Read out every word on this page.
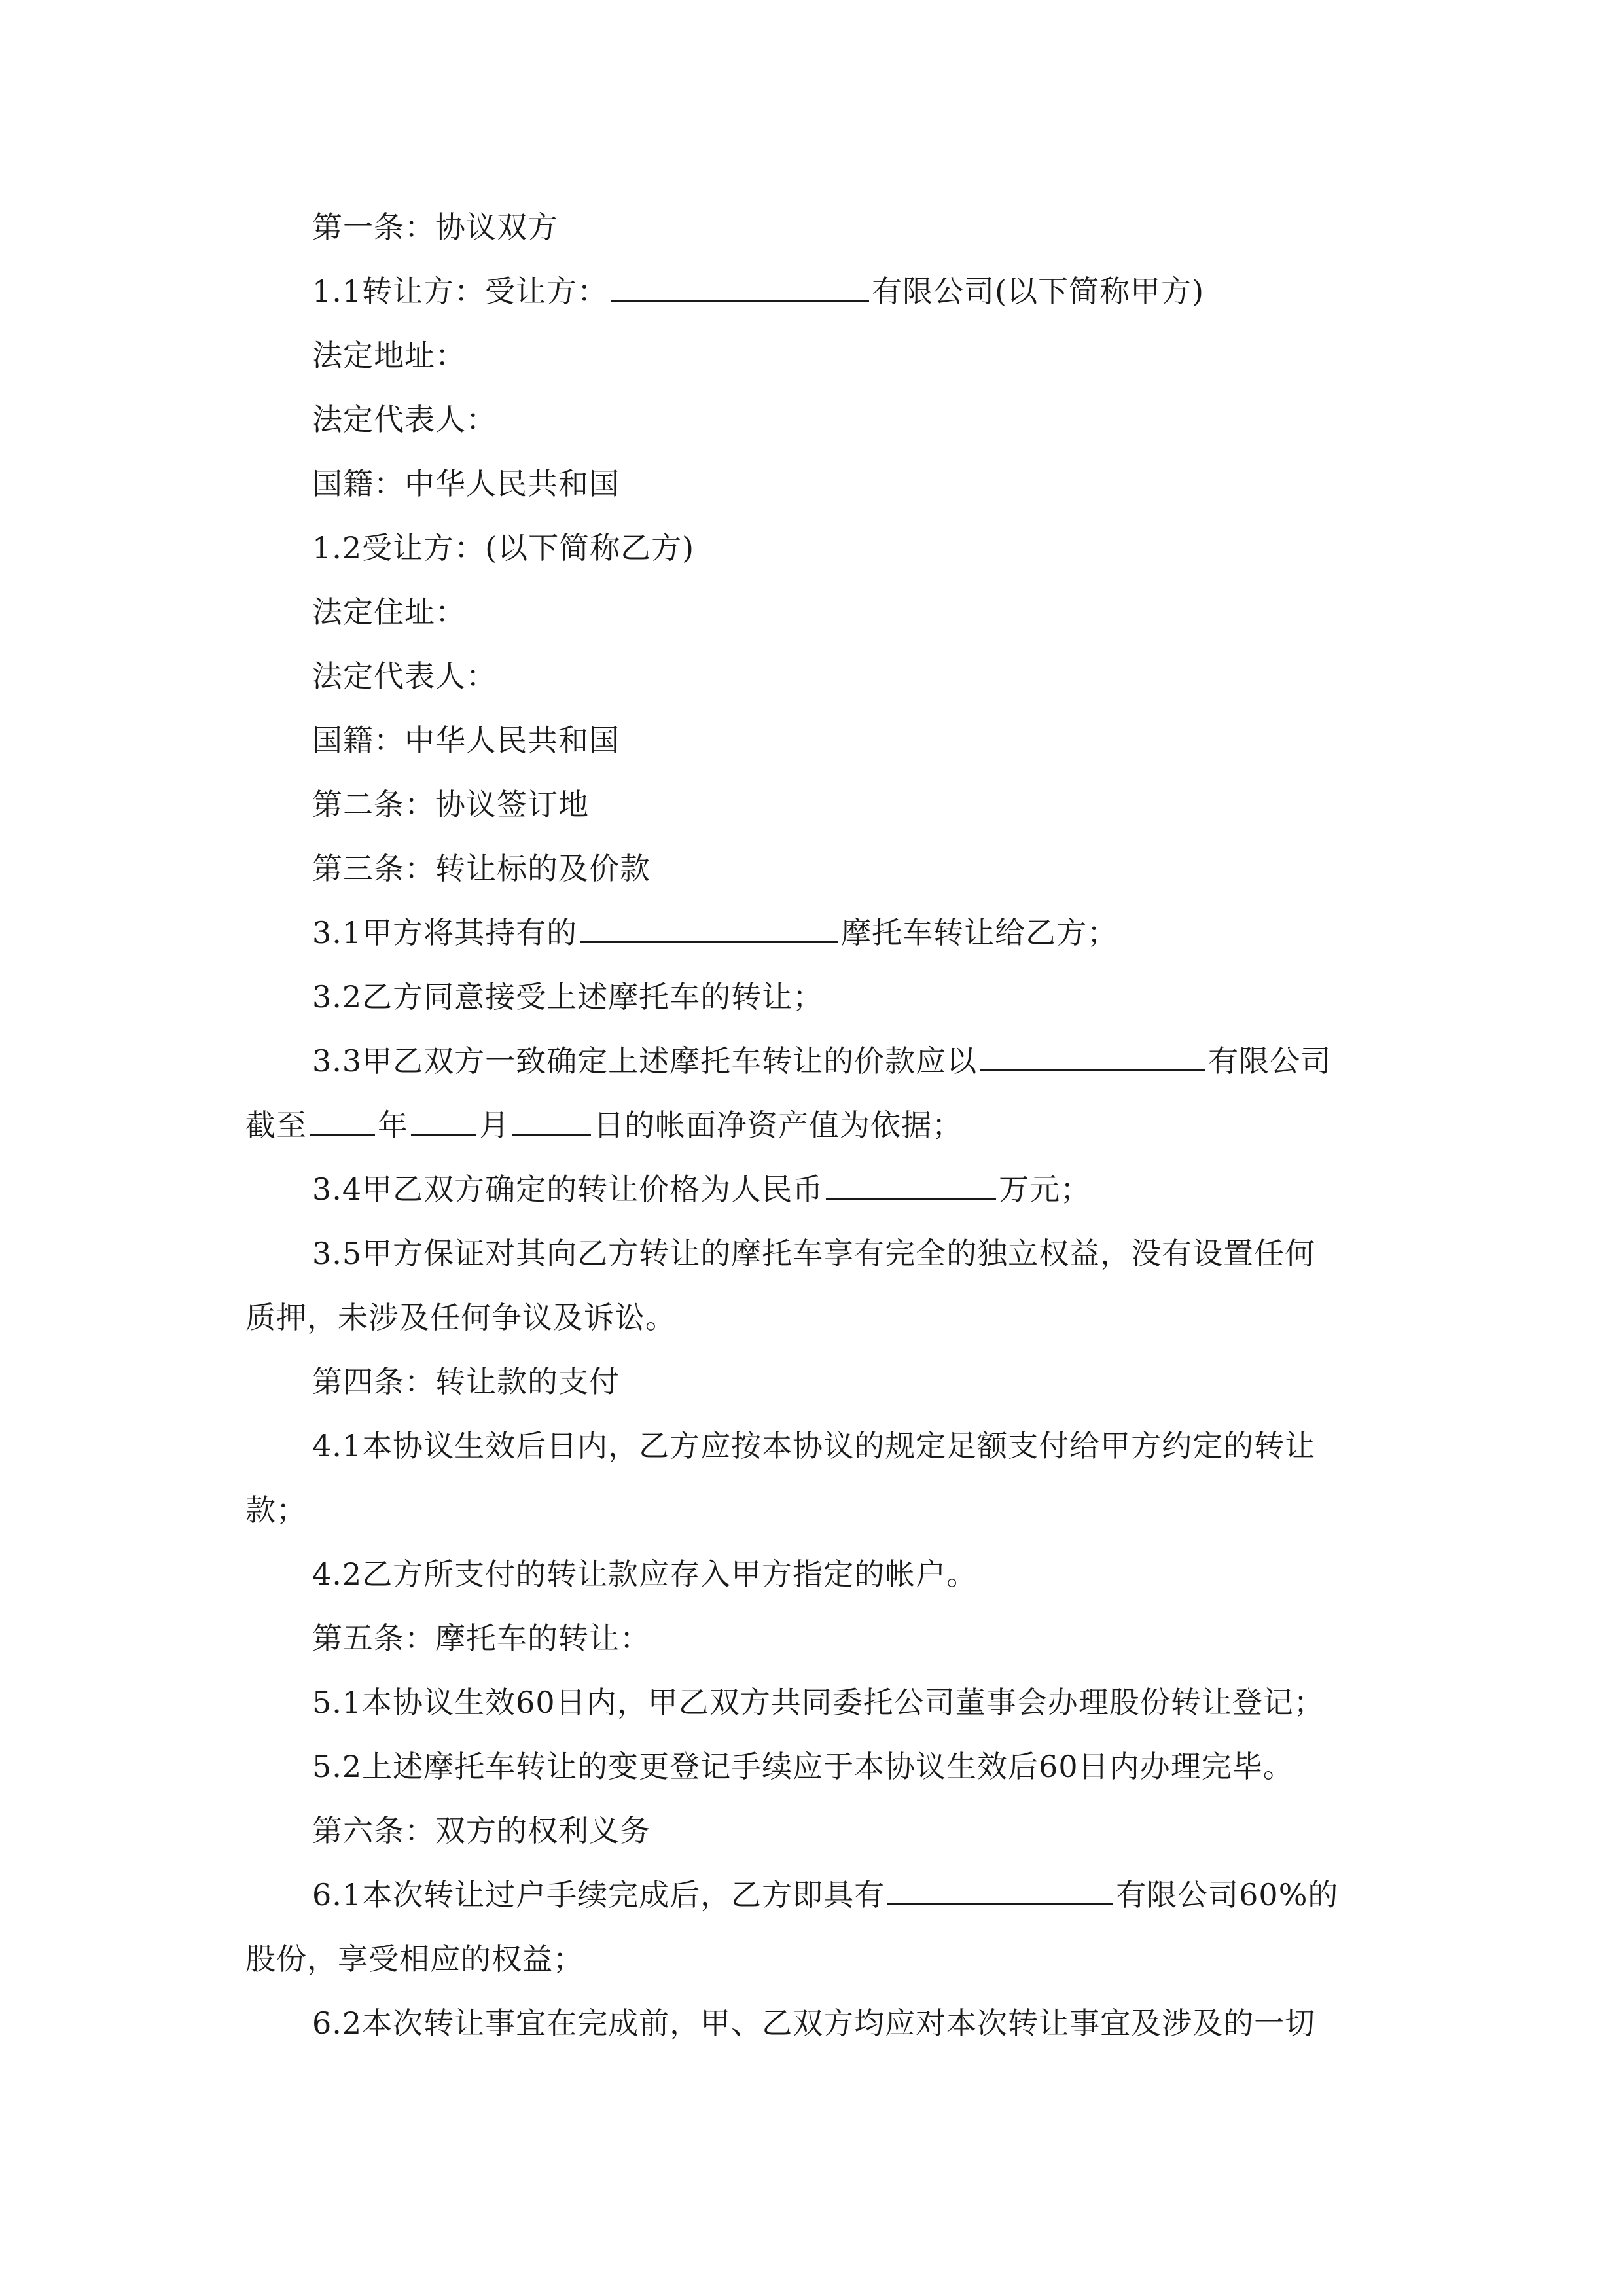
第一条：协议双方
1.1转让方：受让方：	有限公司(以下简称甲方)
法定地址：
法定代表人：
国籍：中华人民共和国
1.2受让方：(以下简称乙方)
法定住址：
法定代表人：
国籍：中华人民共和国
第二条：协议签订地
第三条：转让标的及价款
3.1甲方将其持有的	摩托车转让给乙方；
3.2乙方同意接受上述摩托车的转让；
3.3甲乙双方一致确定上述摩托车转让的价款应以	有限公司
截至 年 月	日的帐面净资产值为依据；
3.4甲乙双方确定的转让价格为人民币	万元；
3.5甲方保证对其向乙方转让的摩托车享有完全的独立权益，没有设置任何
质押，未涉及任何争议及诉讼。
第四条：转让款的支付
4.1本协议生效后日内，乙方应按本协议的规定足额支付给甲方约定的转让
款；
4.2乙方所支付的转让款应存入甲方指定的帐户。
第五条：摩托车的转让：
5.1本协议生效60日内，甲乙双方共同委托公司董事会办理股份转让登记；
5.2上述摩托车转让的变更登记手续应于本协议生效后60日内办理完毕。
第六条：双方的权利义务
6.1本次转让过户手续完成后，乙方即具有	有限公司60%的
股份，享受相应的权益；
6.2本次转让事宜在完成前，甲、乙双方均应对本次转让事宜及涉及的一切
